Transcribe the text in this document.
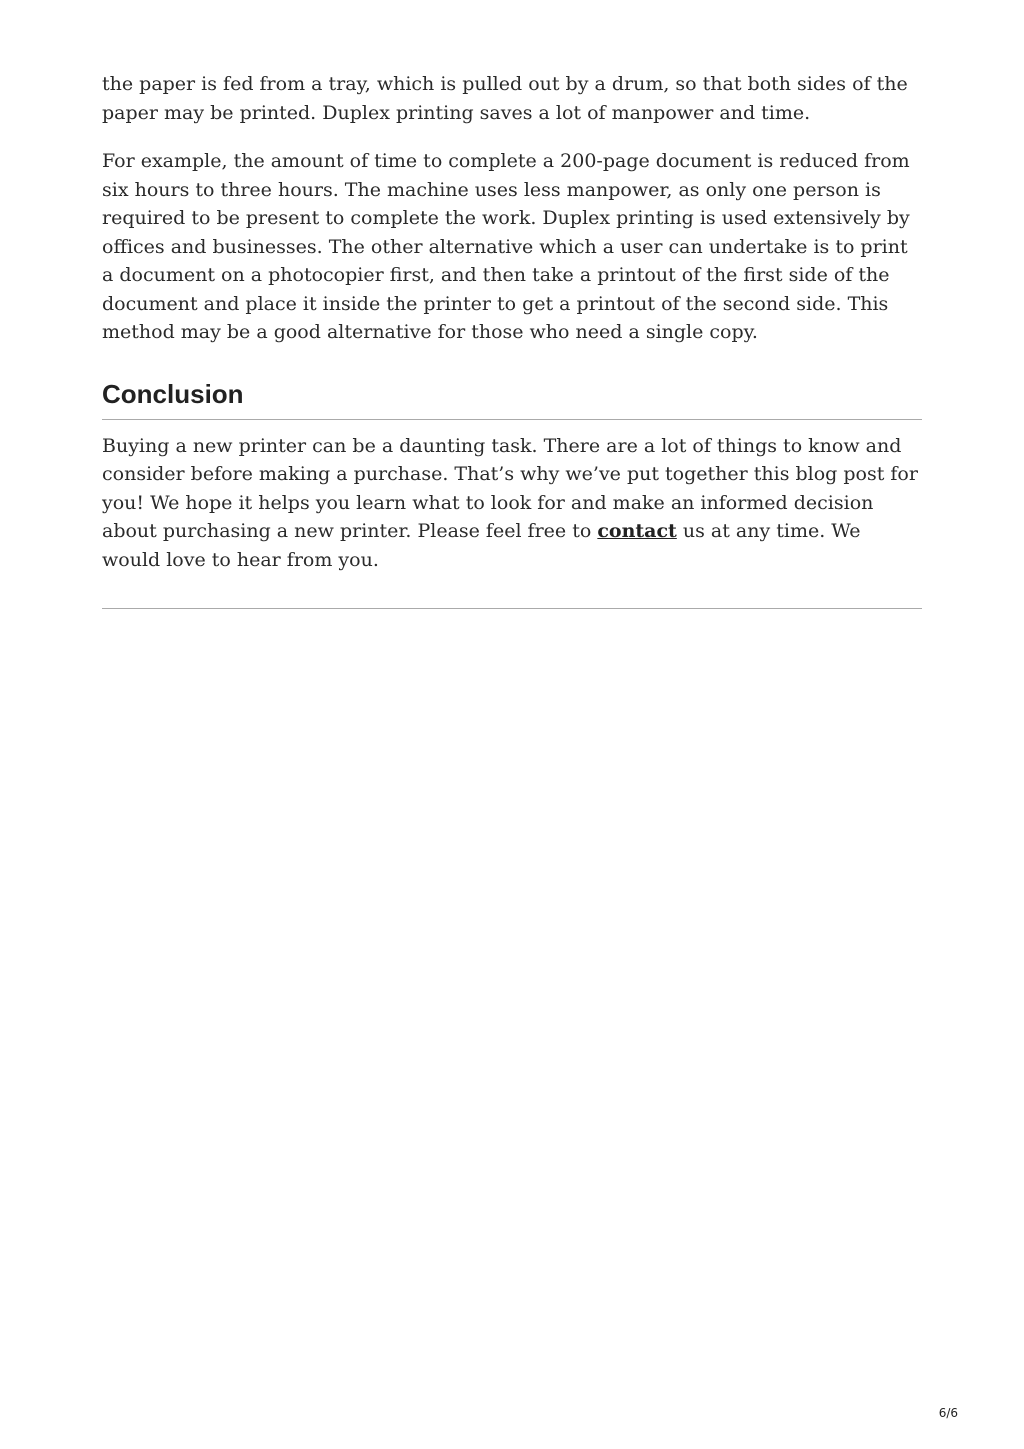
the paper is fed from a tray, which is pulled out by a drum, so that both sides of the paper may be printed. Duplex printing saves a lot of manpower and time.

For example, the amount of time to complete a 200-page document is reduced from six hours to three hours. The machine uses less manpower, as only one person is required to be present to complete the work. Duplex printing is used extensively by offices and businesses. The other alternative which a user can undertake is to print a document on a photocopier first, and then take a printout of the first side of the document and place it inside the printer to get a printout of the second side. This method may be a good alternative for those who need a single copy.

Conclusion

Buying a new printer can be a daunting task. There are a lot of things to know and consider before making a purchase. That’s why we’ve put together this blog post for you! We hope it helps you learn what to look for and make an informed decision about purchasing a new printer. Please feel free to contact us at any time. We would love to hear from you.

6/6
